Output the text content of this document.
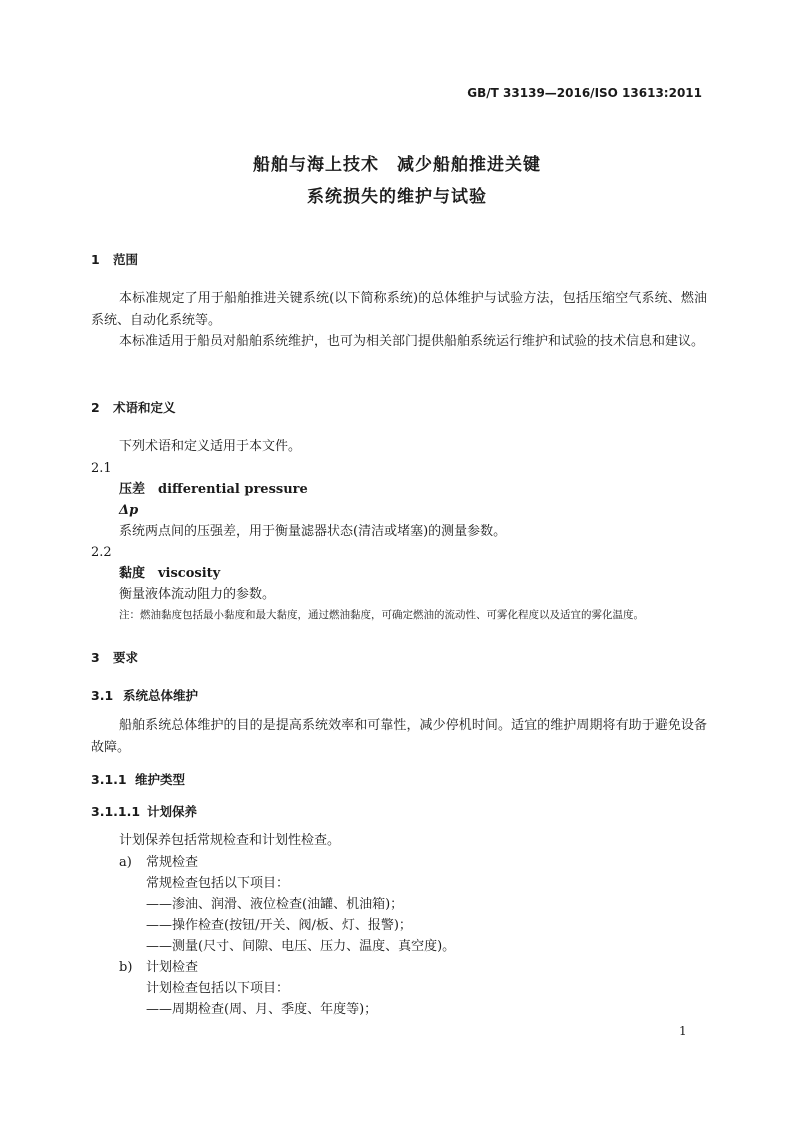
GB/T 33139—2016/ISO 13613:2011
船舶与海上技术　减少船舶推进关键
系统损失的维护与试验
1 范围
本标准规定了用于船舶推进关键系统(以下简称系统)的总体维护与试验方法，包括压缩空气系统、燃油系统、自动化系统等。
本标准适用于船员对船舶系统维护，也可为相关部门提供船舶系统运行维护和试验的技术信息和建议。
2 术语和定义
下列术语和定义适用于本文件。
2.1
压差　differential pressure
Δp
系统两点间的压强差，用于衡量滤器状态(清洁或堵塞)的测量参数。
2.2
黏度　viscosity
衡量液体流动阻力的参数。
注：燃油黏度包括最小黏度和最大黏度，通过燃油黏度，可确定燃油的流动性、可雾化程度以及适宜的雾化温度。
3 要求
3.1 系统总体维护
船舶系统总体维护的目的是提高系统效率和可靠性，减少停机时间。适宜的维护周期将有助于避免设备故障。
3.1.1 维护类型
3.1.1.1 计划保养
计划保养包括常规检查和计划性检查。
a) 常规检查
常规检查包括以下项目：
——渗油、润滑、液位检查(油罐、机油箱)；
——操作检查(按钮/开关、阀/板、灯、报警)；
——测量(尺寸、间隙、电压、压力、温度、真空度)。
b) 计划检查
计划检查包括以下项目：
——周期检查(周、月、季度、年度等)；
1
